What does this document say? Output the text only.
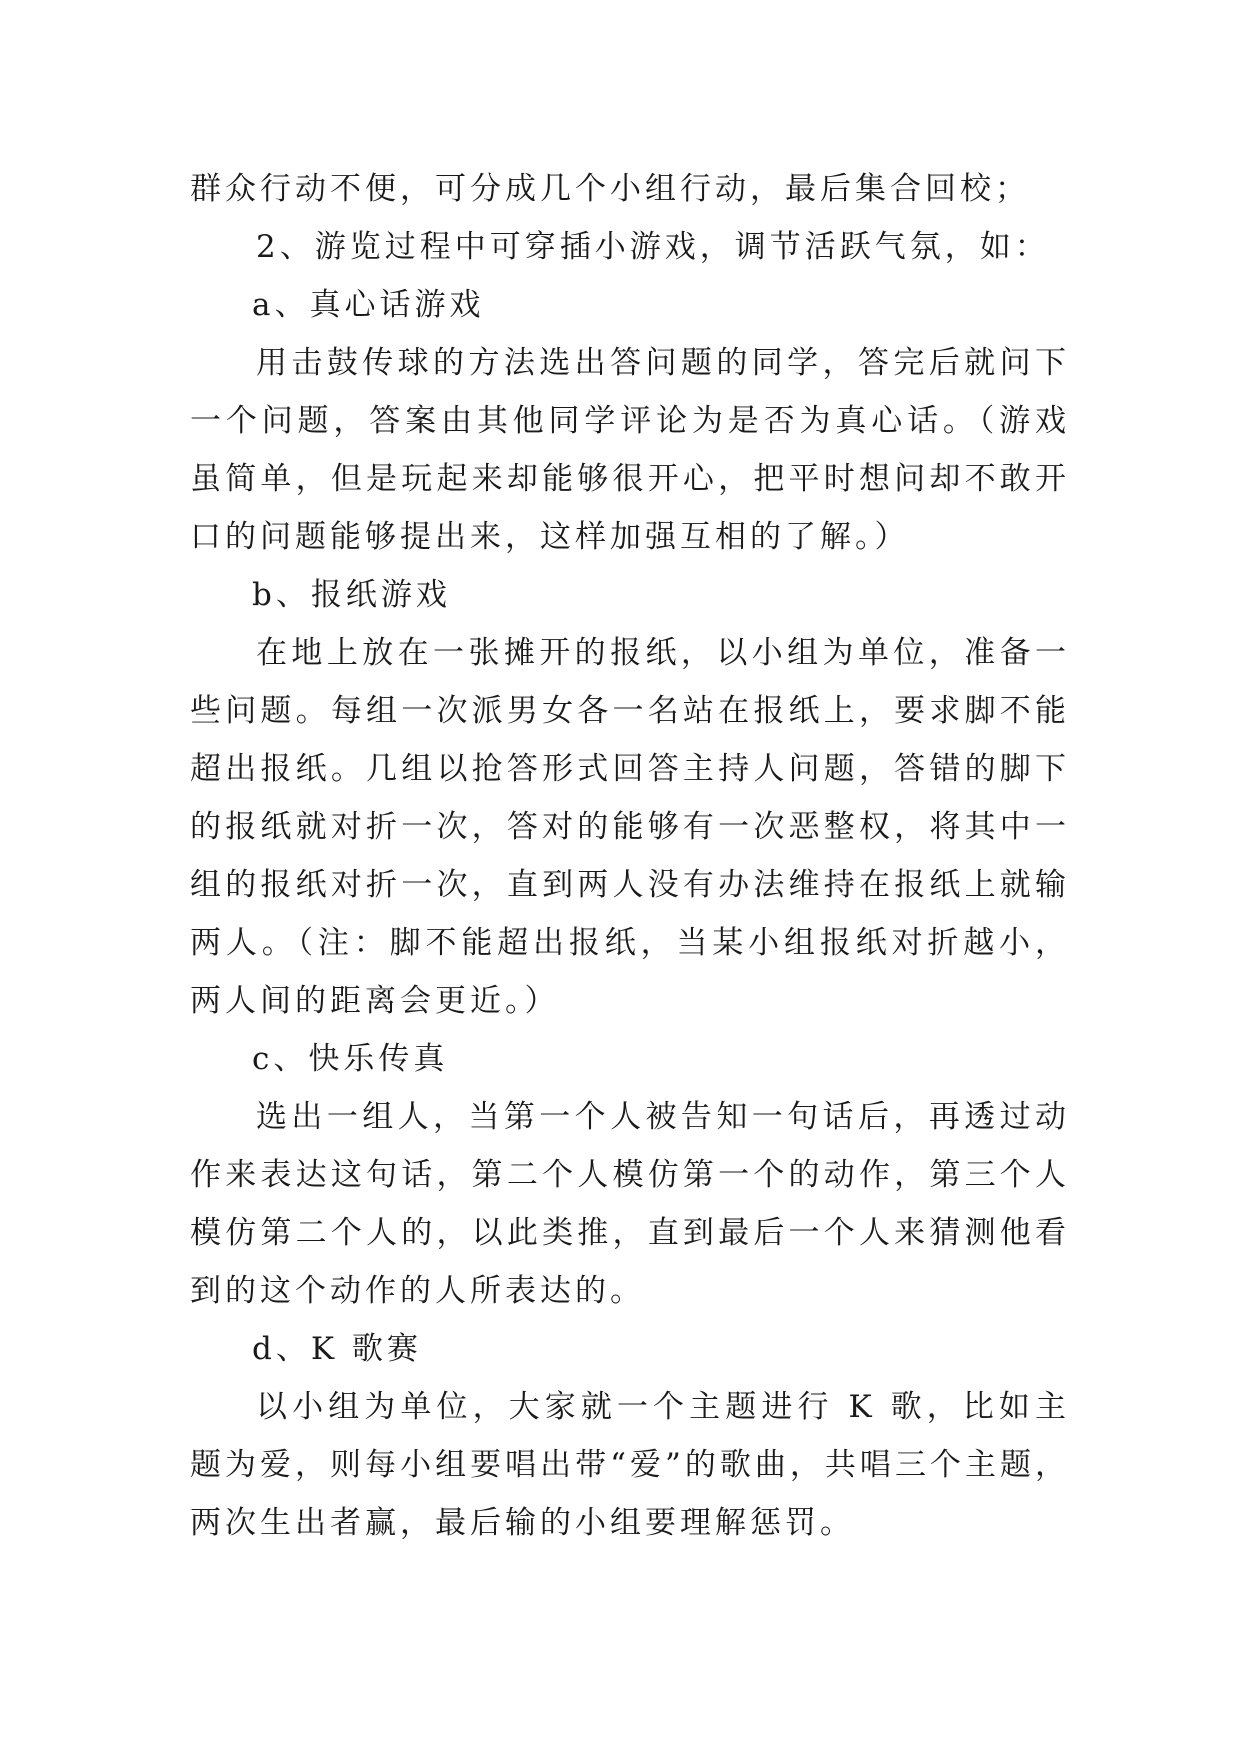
群众行动不便，可分成几个小组行动，最后集合回校；

2、游览过程中可穿插小游戏，调节活跃气氛，如：

a、真心话游戏

用击鼓传球的方法选出答问题的同学，答完后就问下一个问题，答案由其他同学评论为是否为真心话。（游戏虽简单，但是玩起来却能够很开心，把平时想问却不敢开口的问题能够提出来，这样加强互相的了解。）

b、报纸游戏

在地上放在一张摊开的报纸，以小组为单位，准备一些问题。每组一次派男女各一名站在报纸上，要求脚不能超出报纸。几组以抢答形式回答主持人问题，答错的脚下的报纸就对折一次，答对的能够有一次恶整权，将其中一组的报纸对折一次，直到两人没有办法维持在报纸上就输两人。（注：脚不能超出报纸，当某小组报纸对折越小，两人间的距离会更近。）

c、快乐传真

选出一组人，当第一个人被告知一句话后，再透过动作来表达这句话，第二个人模仿第一个的动作，第三个人模仿第二个人的，以此类推，直到最后一个人来猜测他看到的这个动作的人所表达的。

d、K 歌赛

以小组为单位，大家就一个主题进行 K 歌，比如主题为爱，则每小组要唱出带“爱”的歌曲，共唱三个主题，两次生出者赢，最后输的小组要理解惩罚。
